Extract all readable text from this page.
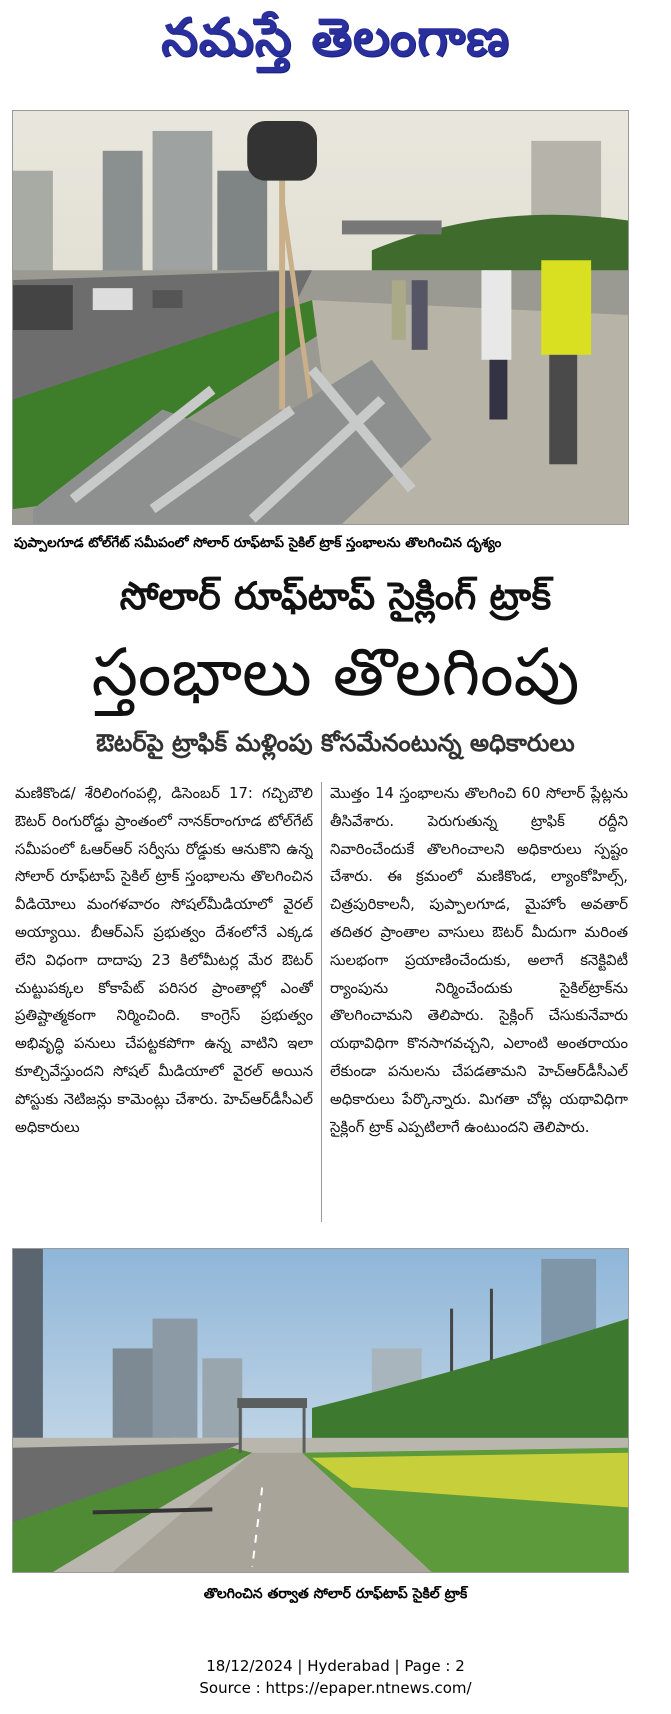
నమస్తే తెలంగాణ
పుప్పాలగూడ టోల్‌గేట్ సమీపంలో సోలార్ రూఫ్‌టాప్ సైకిల్ ట్రాక్ స్తంభాలను తొలగించిన దృశ్యం
సోలార్ రూఫ్‌టాప్ సైక్లింగ్ ట్రాక్
స్తంభాలు తొలగింపు
ఔటర్‌పై ట్రాఫిక్ మళ్లింపు కోసమేనంటున్న అధికారులు
మణికొండ/ శేరిలింగంపల్లి, డిసెంబర్ 17: గచ్చిబౌలి ఔటర్ రింగురోడ్డు ప్రాంతంలో నానక్‌రాంగూడ టోల్‌గేట్ సమీపంలో ఓఆర్‌ఆర్ సర్వీసు రోడ్డుకు ఆనుకొని ఉన్న సోలార్ రూఫ్‌టాప్ సైకిల్ ట్రాక్ స్తంభాలను తొలగించిన వీడియోలు మంగళవారం సోషల్‌మీడియాలో వైరల్ అయ్యాయి. బీఆర్‌ఎస్ ప్రభుత్వం దేశంలోనే ఎక్కడ లేని విధంగా దాదాపు 23 కిలోమీటర్ల మేర ఔటర్ చుట్టుపక్కల కోకాపేట్ పరిసర ప్రాంతాల్లో ఎంతో ప్రతిష్టాత్మకంగా నిర్మించింది. కాంగ్రెస్ ప్రభుత్వం అభివృద్ధి పనులు చేపట్టకపోగా ఉన్న వాటిని ఇలా కూల్చివేస్తుందని సోషల్ మీడియాలో వైరల్ అయిన పోస్టుకు నెటిజన్లు కామెంట్లు చేశారు. హెచ్‌ఆర్‌డీసీఎల్ అధికారులు
మొత్తం 14 స్తంభాలను తొలగించి 60 సోలార్ ప్లేట్లను తీసివేశారు. పెరుగుతున్న ట్రాఫిక్ రద్దీని నివారించేందుకే తొలగించాలని అధికారులు స్పష్టం చేశారు. ఈ క్రమంలో మణికొండ, ల్యాంకోహిల్స్, చిత్రపురికాలనీ, పుప్పాలగూడ, మైహోం అవతార్ తదితర ప్రాంతాల వాసులు ఔటర్ మీదుగా మరింత సులభంగా ప్రయాణించేందుకు, అలాగే కనెక్టివిటీ ర్యాంపును నిర్మించేందుకు సైకిల్‌ట్రాక్‌ను తొలగించామని తెలిపారు. సైక్లింగ్ చేసుకునేవారు యథావిధిగా కొనసాగవచ్చని, ఎలాంటి అంతరాయం లేకుండా పనులను చేపడతామని హెచ్‌ఆర్‌డీసీఎల్ అధికారులు పేర్కొన్నారు. మిగతా చోట్ల యథావిధిగా సైక్లింగ్ ట్రాక్ ఎప్పటిలాగే ఉంటుందని తెలిపారు.
తొలగించిన తర్వాత సోలార్ రూఫ్‌టాప్ సైకిల్ ట్రాక్
18/12/2024 | Hyderabad | Page : 2
Source : https://epaper.ntnews.com/
